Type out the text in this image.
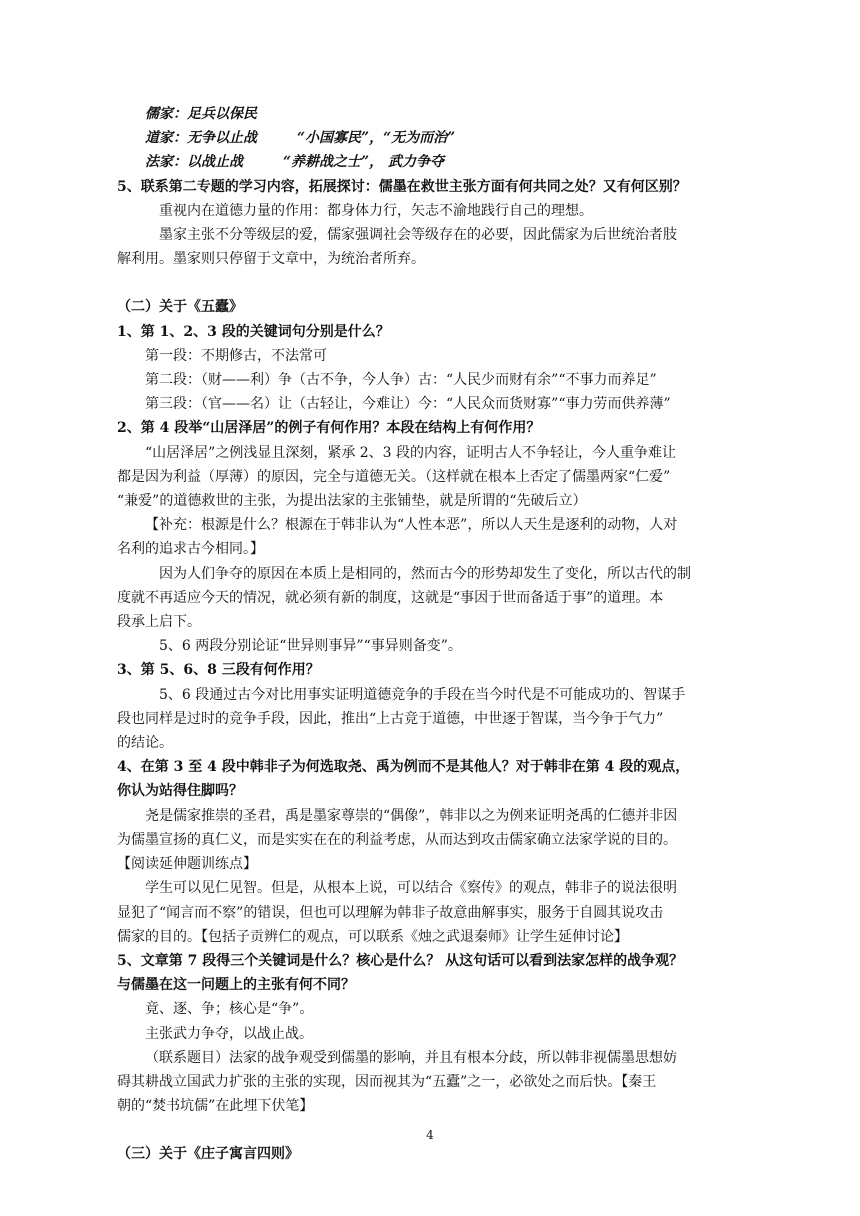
儒家：足兵以保民
道家：无争以止战	“小国寡民”，“无为而治”
法家：以战止战	“养耕战之士”， 武力争夺
5、联系第二专题的学习内容，拓展探讨：儒墨在救世主张方面有何共同之处？又有何区别？
重视内在道德力量的作用：都身体力行，矢志不渝地践行自己的理想。
墨家主张不分等级层的爱，儒家强调社会等级存在的必要，因此儒家为后世统治者肢
解利用。墨家则只停留于文章中，为统治者所弃。
（二）关于《五蠹》
1、第 1、2、3 段的关键词句分别是什么？
第一段：不期修古，不法常可
第二段：（财——利）争（古不争，今人争）古：“人民少而财有余”“不事力而养足”
第三段：（官——名）让（古轻让，今难让）今：“人民众而货财寡”“事力劳而供养薄”
2、第 4 段举“山居泽居”的例子有何作用？本段在结构上有何作用？
“山居泽居”之例浅显且深刻，紧承 2、3 段的内容，证明古人不争轻让，今人重争难让
都是因为利益（厚薄）的原因，完全与道德无关。（这样就在根本上否定了儒墨两家“仁爱”
“兼爱”的道德救世的主张，为提出法家的主张铺垫，就是所谓的“先破后立）
【补充：根源是什么？根源在于韩非认为“人性本恶”，所以人天生是逐利的动物，人对
名利的追求古今相同。】
因为人们争夺的原因在本质上是相同的，然而古今的形势却发生了变化，所以古代的制
度就不再适应今天的情况，就必须有新的制度，这就是“事因于世而备适于事”的道理。本
段承上启下。
5、6 两段分别论证“世异则事异”“事异则备变”。
3、第 5、6、8 三段有何作用？
5、6 段通过古今对比用事实证明道德竞争的手段在当今时代是不可能成功的、智谋手
段也同样是过时的竞争手段，因此，推出“上古竞于道德，中世逐于智谋，当今争于气力”
的结论。
4、在第 3 至 4 段中韩非子为何选取尧、禹为例而不是其他人？对于韩非在第 4 段的观点，
你认为站得住脚吗？
尧是儒家推崇的圣君，禹是墨家尊崇的“偶像”，韩非以之为例来证明尧禹的仁德并非因
为儒墨宣扬的真仁义，而是实实在在的利益考虑，从而达到攻击儒家确立法家学说的目的。
【阅读延伸题训练点】
学生可以见仁见智。但是，从根本上说，可以结合《察传》的观点，韩非子的说法很明
显犯了“闻言而不察”的错误，但也可以理解为韩非子故意曲解事实，服务于自圆其说攻击
儒家的目的。【包括子贡辨仁的观点，可以联系《烛之武退秦师》让学生延伸讨论】
5、文章第 7 段得三个关键词是什么？核心是什么？ 从这句话可以看到法家怎样的战争观？
与儒墨在这一问题上的主张有何不同？
竟、逐、争；核心是“争”。
主张武力争夺，以战止战。
（联系题目）法家的战争观受到儒墨的影响，并且有根本分歧，所以韩非视儒墨思想妨
碍其耕战立国武力扩张的主张的实现，因而视其为“五蠹”之一，必欲处之而后快。【秦王
朝的“焚书坑儒”在此埋下伏笔】
（三）关于《庄子寓言四则》
4
